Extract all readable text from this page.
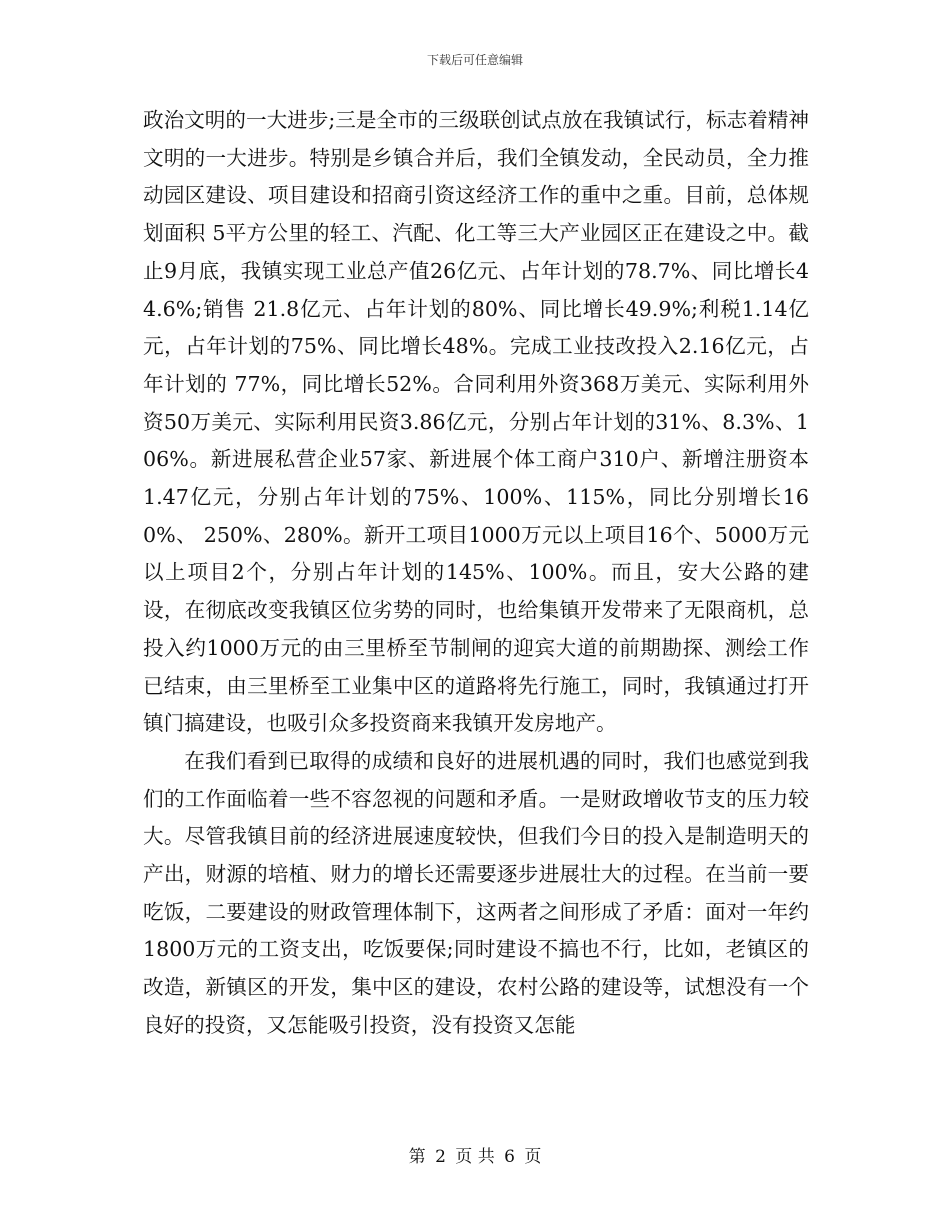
下载后可任意编辑

政治文明的一大进步;三是全市的三级联创试点放在我镇试行，标志着精神文明的一大进步。特别是乡镇合并后，我们全镇发动，全民动员，全力推动园区建设、项目建设和招商引资这经济工作的重中之重。目前，总体规划面积 5平方公里的轻工、汽配、化工等三大产业园区正在建设之中。截止9月底，我镇实现工业总产值26亿元、占年计划的78.7%、同比增长44.6%;销售 21.8亿元、占年计划的80%、同比增长49.9%;利税1.14亿元，占年计划的75%、同比增长48%。完成工业技改投入2.16亿元，占年计划的 77%，同比增长52%。合同利用外资368万美元、实际利用外资50万美元、实际利用民资3.86亿元，分别占年计划的31%、8.3%、106%。新进展私营企业57家、新进展个体工商户310户、新增注册资本1.47亿元，分别占年计划的75%、100%、115%，同比分别增长160%、 250%、280%。新开工项目1000万元以上项目16个、5000万元以上项目2个，分别占年计划的145%、100%。而且，安大公路的建设，在彻底改变我镇区位劣势的同时，也给集镇开发带来了无限商机，总投入约1000万元的由三里桥至节制闸的迎宾大道的前期勘探、测绘工作已结束，由三里桥至工业集中区的道路将先行施工，同时，我镇通过打开镇门搞建设，也吸引众多投资商来我镇开发房地产。

在我们看到已取得的成绩和良好的进展机遇的同时，我们也感觉到我们的工作面临着一些不容忽视的问题和矛盾。一是财政增收节支的压力较大。尽管我镇目前的经济进展速度较快，但我们今日的投入是制造明天的产出，财源的培植、财力的增长还需要逐步进展壮大的过程。在当前一要吃饭，二要建设的财政管理体制下，这两者之间形成了矛盾：面对一年约1800万元的工资支出，吃饭要保;同时建设不搞也不行，比如，老镇区的改造，新镇区的开发，集中区的建设，农村公路的建设等，试想没有一个良好的投资，又怎能吸引投资，没有投资又怎能

第 2 页 共 6 页
